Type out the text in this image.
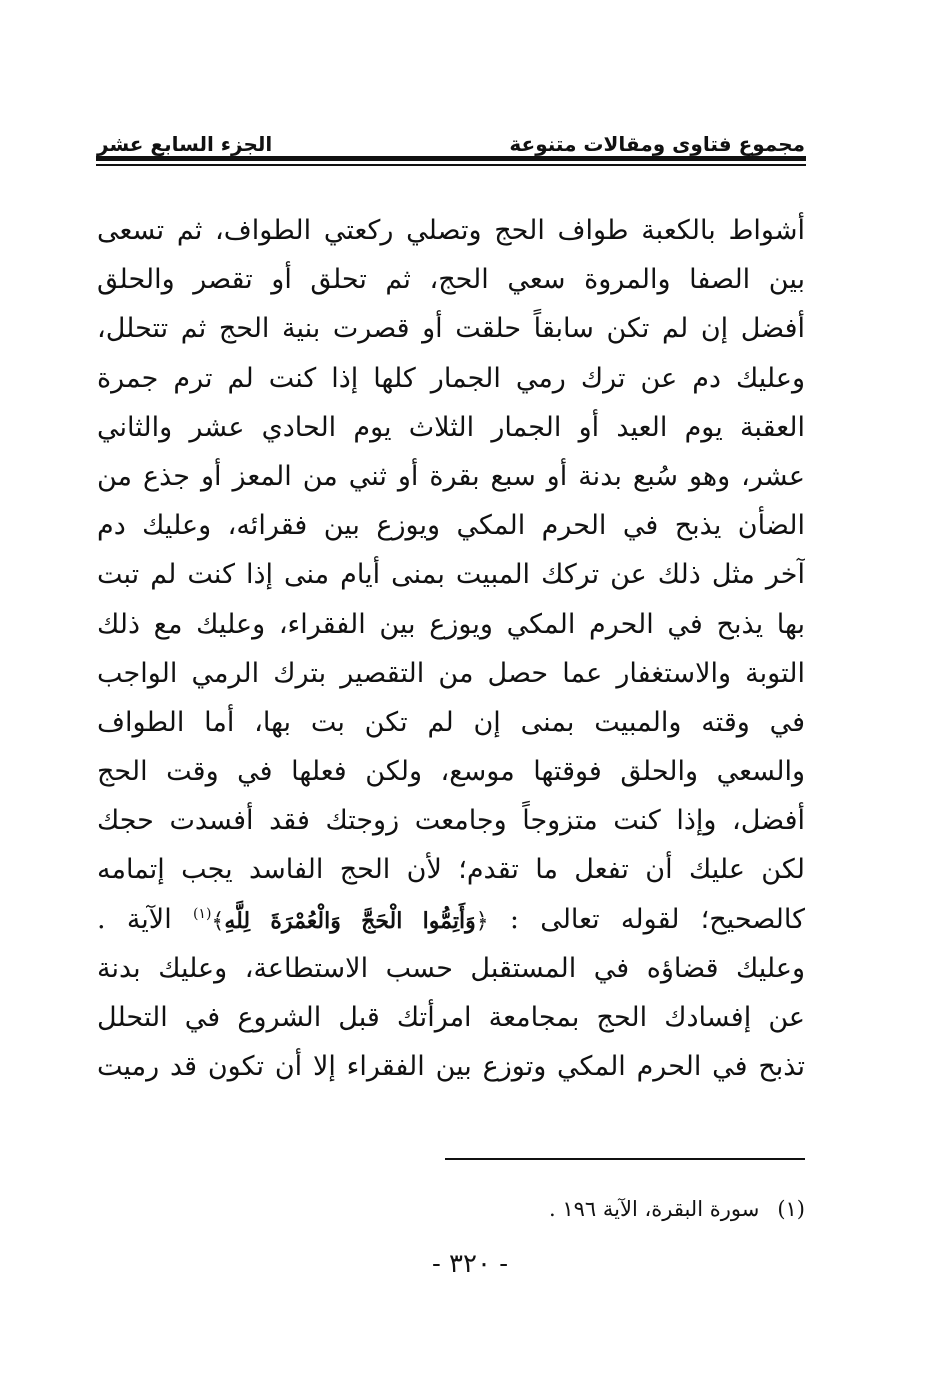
مجموع فتاوى ومقالات متنوعة
الجزء السابع عشر
أشواط بالكعبة طواف الحج وتصلي ركعتي الطواف، ثم تسعى
بين الصفا والمروة سعي الحج، ثم تحلق أو تقصر والحلق
أفضل إن لم تكن سابقاً حلقت أو قصرت بنية الحج ثم تتحلل،
وعليك دم عن ترك رمي الجمار كلها إذا كنت لم ترم جمرة
العقبة يوم العيد أو الجمار الثلاث يوم الحادي عشر والثاني
عشر، وهو سُبع بدنة أو سبع بقرة أو ثني من المعز أو جذع من
الضأن يذبح في الحرم المكي ويوزع بين فقرائه، وعليك دم
آخر مثل ذلك عن تركك المبيت بمنى أيام منى إذا كنت لم تبت
بها يذبح في الحرم المكي ويوزع بين الفقراء، وعليك مع ذلك
التوبة والاستغفار عما حصل من التقصير بترك الرمي الواجب
في وقته والمبيت بمنى إن لم تكن بت بها، أما الطواف
والسعي والحلق فوقتها موسع، ولكن فعلها في وقت الحج
أفضل، وإذا كنت متزوجاً وجامعت زوجتك فقد أفسدت حجك
لكن عليك أن تفعل ما تقدم؛ لأن الحج الفاسد يجب إتمامه
كالصحيح؛ لقوله تعالى : ﴿وَأَتِمُّوا الْحَجَّ وَالْعُمْرَةَ لِلَّهِ﴾$^{(١)}$ الآية .
وعليك قضاؤه في المستقبل حسب الاستطاعة، وعليك بدنة
عن إفسادك الحج بمجامعة امرأتك قبل الشروع في التحلل
تذبح في الحرم المكي وتوزع بين الفقراء إلا أن تكون قد رميت
(١)سورة البقرة، الآية ١٩٦ .
- ٣٢٠ -
